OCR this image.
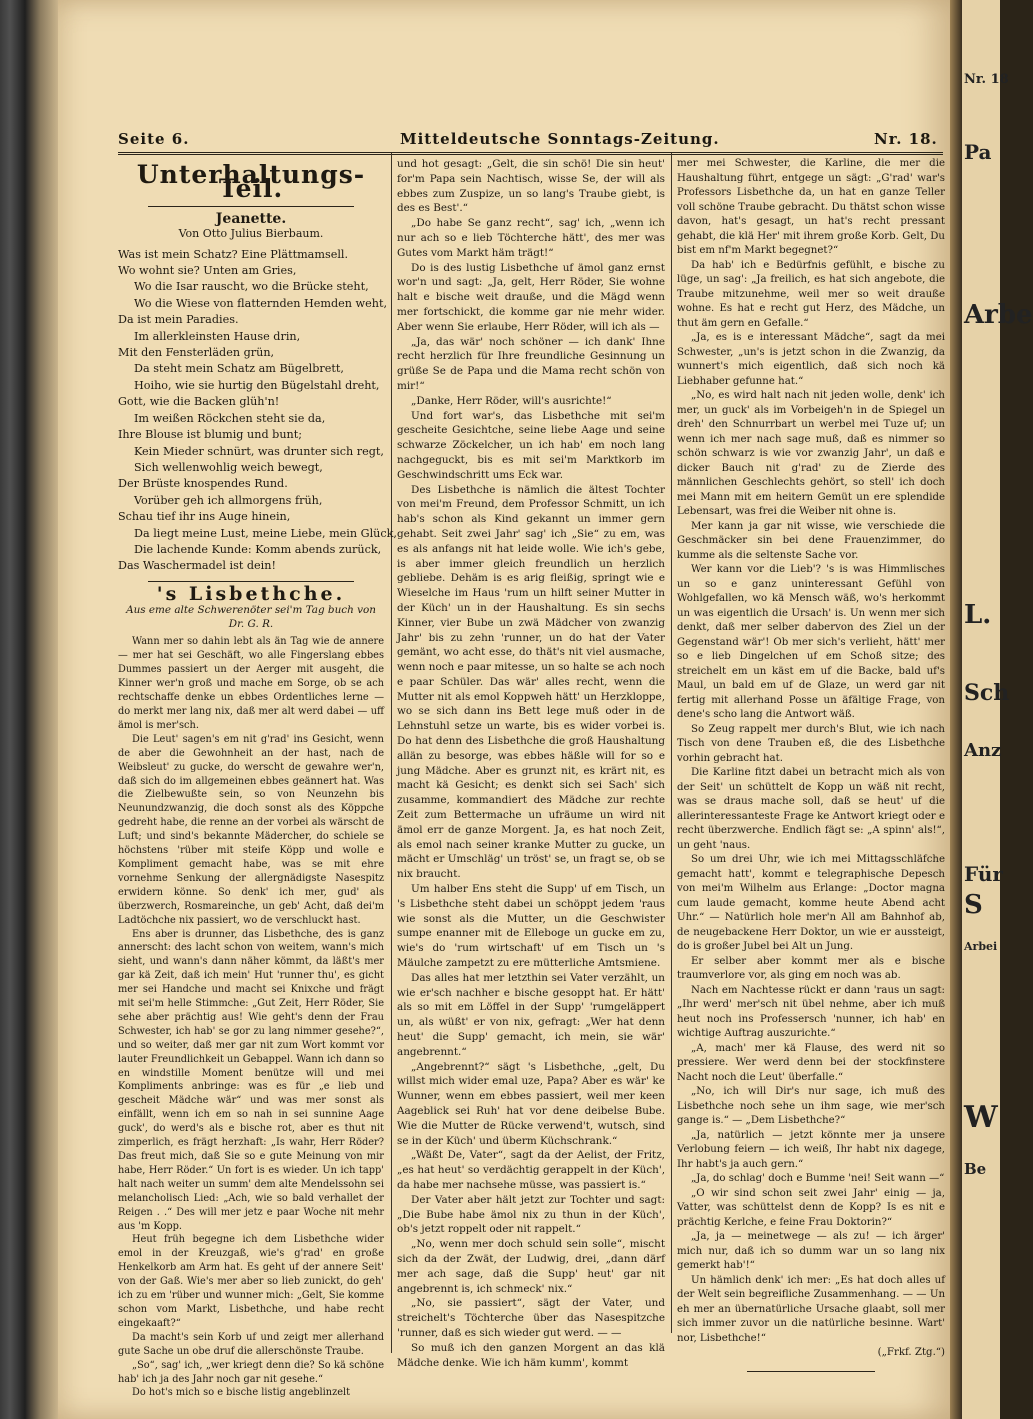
Nr. 18
Pa
Arbe
L.
Sch
Anz
Für
S
Arbei
W
Be
Seite 6.	Mitteldeutsche Sonntags-Zeitung.	Nr. 18.
Unterhaltungs-Teil.
Jeanette.
Von Otto Julius Bierbaum.
Was ist mein Schatz? Eine Plättmamsell.
Wo wohnt sie? Unten am Gries,
Wo die Isar rauscht, wo die Brücke steht,
Wo die Wiese von flatternden Hemden weht,
Da ist mein Paradies.
Im allerkleinsten Hause drin,
Mit den Fensterläden grün,
Da steht mein Schatz am Bügelbrett,
Hoiho, wie sie hurtig den Bügelstahl dreht,
Gott, wie die Backen glüh'n!
Im weißen Röckchen steht sie da,
Ihre Blouse ist blumig und bunt;
Kein Mieder schnürt, was drunter sich regt,
Sich wellenwohlig weich bewegt,
Der Brüste knospendes Rund.
Vorüber geh ich allmorgens früh,
Schau tief ihr ins Auge hinein,
Da liegt meine Lust, meine Liebe, mein Glück,
Die lachende Kunde: Komm abends zurück,
Das Waschermadel ist dein!
's Lisbethche.
Aus eme alte Schwerenöter sei'm Tag buch von Dr. G. R.

Wann mer so dahin lebt als än Tag wie de annere — mer hat sei Geschäft, wo alle Fingerslang ebbes Dummes passiert un der Aerger mit ausgeht, die Kinner wer'n groß und mache em Sorge, ob se ach rechtschaffe denke un ebbes Ordentliches lerne — do merkt mer lang nix, daß mer alt werd dabei — uff ämol is mer'sch.

Die Leut' sagen's em nit g'rad' ins Gesicht, wenn de aber die Gewohnheit an der hast, nach de Weibsleut' zu gucke, do werscht de gewahre wer'n, daß sich do im allgemeinen ebbes geännert hat. Was die Zielbewußte sein, so von Neunzehn bis Neunundzwanzig, die doch sonst als des Köppche gedreht habe, die renne an der vorbei als wärscht de Luft; und sind's bekannte Mädercher, do schiele se höchstens 'rüber mit steife Köpp und wolle e Kompliment gemacht habe, was se mit ehre vornehme Senkung der allergnädigste Nasespitz erwidern könne. So denk' ich mer, gud' als überzwerch, Rosmareinche, un geb' Acht, daß dei'm Ladtöchche nix passiert, wo de verschluckt hast.

Ens aber is drunner, das Lisbethche, des is ganz annerscht: des lacht schon von weitem, wann's mich sieht, und wann's dann näher kömmt, da läßt's mer gar kä Zeit, daß ich mein' Hut 'runner thu', es gicht mer sei Handche und macht sei Knixche und frägt mit sei'm helle Stimmche: „Gut Zeit, Herr Röder, Sie sehe aber prächtig aus! Wie geht's denn der Frau Schwester, ich hab' se gor zu lang nimmer gesehe?“, und so weiter, daß mer gar nit zum Wort kommt vor lauter Freundlichkeit un Gebappel. Wann ich dann so en windstille Moment benütze will und mei Kompliments anbringe: was es für „e lieb und gescheit Mädche wär“ und was mer sonst als einfällt, wenn ich em so nah in sei sunnine Aage guck', do werd's als e bische rot, aber es thut nit zimperlich, es frägt herzhaft: „Is wahr, Herr Röder? Das freut mich, daß Sie so e gute Meinung von mir habe, Herr Röder.“ Un fort is es wieder. Un ich tapp' halt nach weiter un summ' dem alte Mendelssohn sei melancholisch Lied: „Ach, wie so bald verhallet der Reigen . .“ Des will mer jetz e paar Woche nit mehr aus 'm Kopp.

Heut früh begegne ich dem Lisbethche wider emol in der Kreuzgaß, wie's g'rad' en große Henkelkorb am Arm hat. Es geht uf der annere Seit' von der Gaß. Wie's mer aber so lieb zunickt, do geh' ich zu em 'rüber und wunner mich: „Gelt, Sie komme schon vom Markt, Lisbethche, und habe recht eingekaaft?“

Da macht's sein Korb uf und zeigt mer allerhand gute Sache un obe druf die allerschönste Traube.

„So“, sag' ich, „wer kriegt denn die? So kä schöne hab' ich ja des Jahr noch gar nit gesehe.“

Do hot's mich so e bische listig angeblinzelt

und hot gesagt: „Gelt, die sin schö! Die sin heut' for'm Papa sein Nachtisch, wisse Se, der will als ebbes zum Zuspize, un so lang's Traube giebt, is des es Best'.“

„Do habe Se ganz recht“, sag' ich, „wenn ich nur ach so e lieb Töchterche hätt', des mer was Gutes vom Markt häm trägt!“

Do is des lustig Lisbethche uf ämol ganz ernst wor'n und sagt: „Ja, gelt, Herr Röder, Sie wohne halt e bische weit drauße, und die Mägd wenn mer fortschickt, die komme gar nie mehr wider. Aber wenn Sie erlaube, Herr Röder, will ich als —

„Ja, das wär' noch schöner — ich dank' Ihne recht herzlich für Ihre freundliche Gesinnung un grüße Se de Papa und die Mama recht schön von mir!“

„Danke, Herr Röder, will's ausrichte!“

Und fort war's, das Lisbethche mit sei'm gescheite Gesichtche, seine liebe Aage und seine schwarze Zöckelcher, un ich hab' em noch lang nachgeguckt, bis es mit sei'm Marktkorb im Geschwindschritt ums Eck war.

Des Lisbethche is nämlich die ältest Tochter von mei'm Freund, dem Professor Schmitt, un ich hab's schon als Kind gekannt un immer gern gehabt. Seit zwei Jahr' sag' ich „Sie“ zu em, was es als anfangs nit hat leide wolle. Wie ich's gebe, is aber immer gleich freundlich un herzlich gebliebe. Dehäm is es arig fleißig, springt wie e Wieselche im Haus 'rum un hilft seiner Mutter in der Küch' un in der Haushaltung. Es sin sechs Kinner, vier Bube un zwä Mädcher von zwanzig Jahr' bis zu zehn 'runner, un do hat der Vater gemänt, wo acht esse, do thät's nit viel ausmache, wenn noch e paar mitesse, un so halte se ach noch e paar Schüler. Das wär' alles recht, wenn die Mutter nit als emol Koppweh hätt' un Herzkloppe, wo se sich dann ins Bett lege muß oder in de Lehnstuhl setze un warte, bis es wider vorbei is. Do hat denn des Lisbethche die groß Haushaltung allän zu besorge, was ebbes häßle will for so e jung Mädche. Aber es grunzt nit, es krärt nit, es macht kä Gesicht; es denkt sich sei Sach' sich zusamme, kommandiert des Mädche zur rechte Zeit zum Bettermache un ufräume un wird nit ämol err de ganze Morgent. Ja, es hat noch Zeit, als emol nach seiner kranke Mutter zu gucke, un mächt er Umschläg' un tröst' se, un fragt se, ob se nix braucht.

Um halber Ens steht die Supp' uf em Tisch, un 's Lisbethche steht dabei un schöppt jedem 'raus wie sonst als die Mutter, un die Geschwister sumpe enanner mit de Elleboge un gucke em zu, wie's do 'rum wirtschaft' uf em Tisch un 's Mäulche zampetzt zu ere mütterliche Amtsmiene.

Das alles hat mer letzthin sei Vater verzählt, un wie er'sch nachher e bische gesoppt hat. Er hätt' als so mit em Löffel in der Supp' 'rumgeläppert un, als wüßt' er von nix, gefragt: „Wer hat denn heut' die Supp' gemacht, ich mein, sie wär' angebrennt.“

„Angebrennt?“ sägt 's Lisbethche, „gelt, Du willst mich wider emal uze, Papa? Aber es wär' ke Wunner, wenn em ebbes passiert, weil mer keen Aageblick sei Ruh' hat vor dene deibelse Bube. Wie die Mutter de Rücke verwend't, wutsch, sind se in der Küch' und überm Küchschrank.“

„Wäßt De, Vater“, sagt da der Aelist, der Fritz, „es hat heut' so verdächtig gerappelt in der Küch', da habe mer nachsehe müsse, was passiert is.“

Der Vater aber hält jetzt zur Tochter und sagt: „Die Bube habe ämol nix zu thun in der Küch', ob's jetzt roppelt oder nit rappelt.“

„No, wenn mer doch schuld sein solle“, mischt sich da der Zwät, der Ludwig, drei, „dann därf mer ach sage, daß die Supp' heut' gar nit angebrennt is, ich schmeck' nix.“

„No, sie passiert“, sägt der Vater, und streichelt's Töchterche über das Nasespitzche 'runner, daß es sich wieder gut werd. — —

So muß ich den ganzen Morgent an das klä Mädche denke. Wie ich häm kumm', kommt

mer mei Schwester, die Karline, die mer die Haushaltung führt, entgege un sägt: „G'rad' war's Professors Lisbethche da, un hat en ganze Teller voll schöne Traube gebracht. Du thätst schon wisse davon, hat's gesagt, un hat's recht pressant gehabt, die klä Her' mit ihrem große Korb. Gelt, Du bist em nf'm Markt begegnet?“

Da hab' ich e Bedürfnis gefühlt, e bische zu lüge, un sag': „Ja freilich, es hat sich angebote, die Traube mitzunehme, weil mer so weit drauße wohne. Es hat e recht gut Herz, des Mädche, un thut äm gern en Gefalle.“

„Ja, es is e interessant Mädche“, sagt da mei Schwester, „un's is jetzt schon in die Zwanzig, da wunnert's mich eigentlich, daß sich noch kä Liebhaber gefunne hat.“

„No, es wird halt nach nit jeden wolle, denk' ich mer, un guck' als im Vorbeigeh'n in de Spiegel un dreh' den Schnurrbart un werbel mei Tuze uf; un wenn ich mer nach sage muß, daß es nimmer so schön schwarz is wie vor zwanzig Jahr', un daß e dicker Bauch nit g'rad' zu de Zierde des männlichen Geschlechts gehört, so stell' ich doch mei Mann mit em heitern Gemüt un ere splendide Lebensart, was frei die Weiber nit ohne is.

Mer kann ja gar nit wisse, wie verschiede die Geschmäcker sin bei dene Frauenzimmer, do kumme als die seltenste Sache vor.

Wer kann vor die Lieb'? 's is was Himmlisches un so e ganz uninteressant Gefühl von Wohlgefallen, wo kä Mensch wäß, wo's herkommt un was eigentlich die Ursach' is. Un wenn mer sich denkt, daß mer selber dabervon des Ziel un der Gegenstand wär'! Ob mer sich's verlieht, hätt' mer so e lieb Dingelchen uf em Schoß sitze; des streichelt em un käst em uf die Backe, bald uf's Maul, un bald em uf de Glaze, un werd gar nit fertig mit allerhand Posse un äfältige Frage, von dene's scho lang die Antwort wäß.

So Zeug rappelt mer durch's Blut, wie ich nach Tisch von dene Trauben eß, die des Lisbethche vorhin gebracht hat.

Die Karline fitzt dabei un betracht mich als von der Seit' un schüttelt de Kopp un wäß nit recht, was se draus mache soll, daß se heut' uf die allerinteressanteste Frage ke Antwort kriegt oder e recht überzwerche. Endlich fägt se: „A spinn' als!“, un geht 'naus.

So um drei Uhr, wie ich mei Mittagsschläfche gemacht hatt', kommt e telegraphische Depesch von mei'm Wilhelm aus Erlange: „Doctor magna cum laude gemacht, komme heute Abend acht Uhr.“ — Natürlich hole mer'n All am Bahnhof ab, de neugebackene Herr Doktor, un wie er aussteigt, do is großer Jubel bei Alt un Jung.

Er selber aber kommt mer als e bische traumverlore vor, als ging em noch was ab.

Nach em Nachtesse rückt er dann 'raus un sagt: „Ihr werd' mer'sch nit übel nehme, aber ich muß heut noch ins Professersch 'nunner, ich hab' en wichtige Auftrag auszurichte.“

„A, mach' mer kä Flause, des werd nit so pressiere. Wer werd denn bei der stockfinstere Nacht noch die Leut' überfalle.“

„No, ich will Dir's nur sage, ich muß des Lisbethche noch sehe un ihm sage, wie mer'sch gange is.“ — „Dem Lisbethche?“

„Ja, natürlich — jetzt könnte mer ja unsere Verlobung feiern — ich weiß, Ihr habt nix dagege, Ihr habt's ja auch gern.“

„Ja, do schlag' doch e Bumme 'nei! Seit wann —“

„O wir sind schon seit zwei Jahr' einig — ja, Vatter, was schüttelst denn de Kopp? Is es nit e prächtig Kerlche, e feine Frau Doktorin?“

„Ja, ja — meinetwege — als zu! — ich ärger' mich nur, daß ich so dumm war un so lang nix gemerkt hab'!“

Un hämlich denk' ich mer: „Es hat doch alles uf der Welt sein begreifliche Zusammenhang. — — Un eh mer an übernatürliche Ursache glaabt, soll mer sich immer zuvor un die natürliche besinne. Wart' nor, Lisbethche!“

(„Frkf. Ztg.“)
